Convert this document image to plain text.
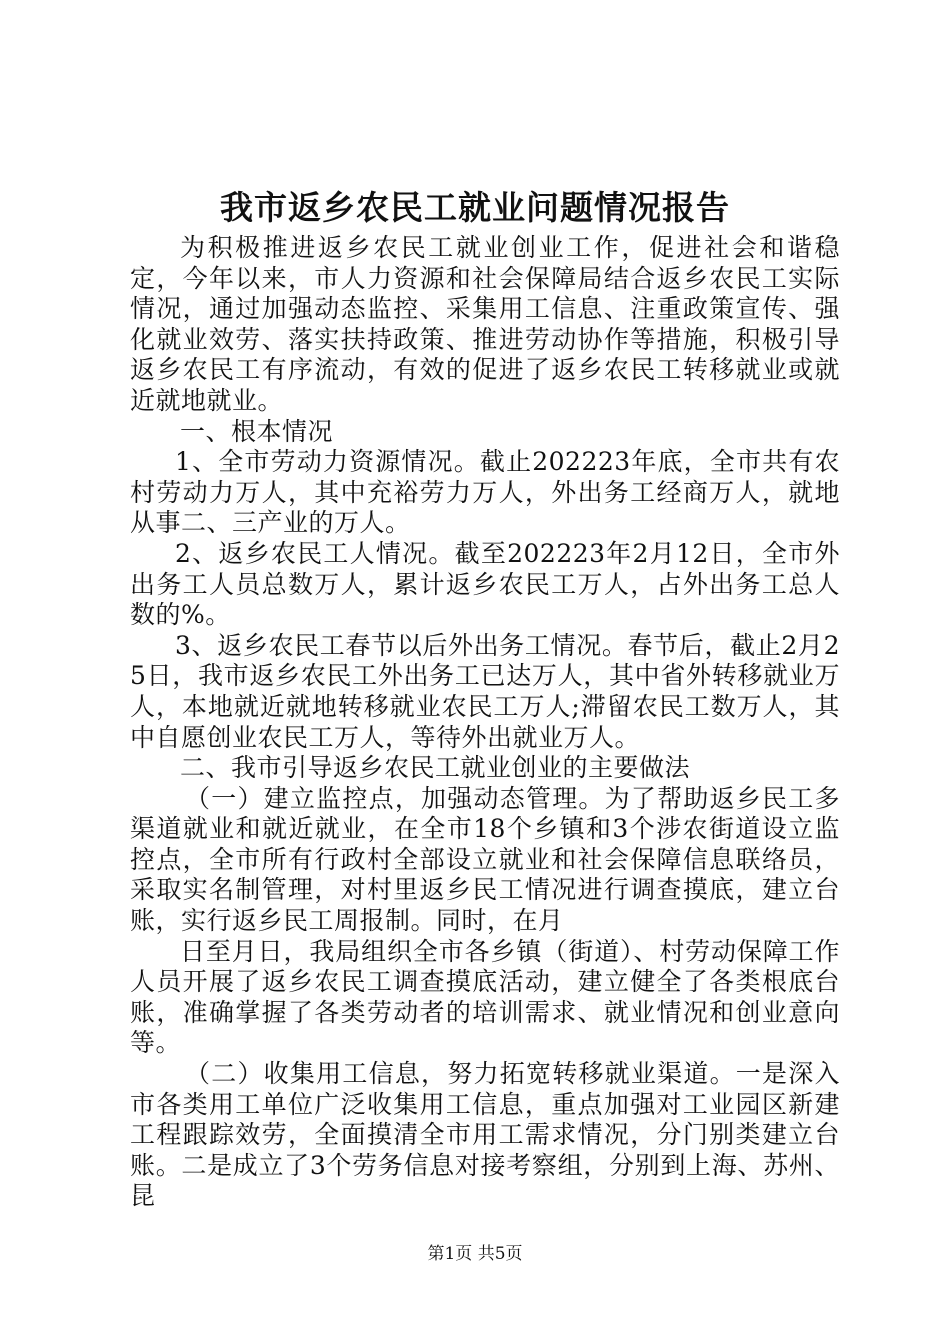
我市返乡农民工就业问题情况报告

为积极推进返乡农民工就业创业工作，促进社会和谐稳定，今年以来，市人力资源和社会保障局结合返乡农民工实际情况，通过加强动态监控、采集用工信息、注重政策宣传、强化就业效劳、落实扶持政策、推进劳动协作等措施，积极引导返乡农民工有序流动，有效的促进了返乡农民工转移就业或就近就地就业。

一、根本情况

1、全市劳动力资源情况。截止202223年底，全市共有农村劳动力万人，其中充裕劳力万人，外出务工经商万人，就地从事二、三产业的万人。

2、返乡农民工人情况。截至202223年2月12日，全市外出务工人员总数万人，累计返乡农民工万人，占外出务工总人数的%。

3、返乡农民工春节以后外出务工情况。春节后，截止2月25日，我市返乡农民工外出务工已达万人，其中省外转移就业万人，本地就近就地转移就业农民工万人;滞留农民工数万人，其中自愿创业农民工万人，等待外出就业万人。

二、我市引导返乡农民工就业创业的主要做法

（一）建立监控点，加强动态管理。为了帮助返乡民工多渠道就业和就近就业，在全市18个乡镇和3个涉农街道设立监控点，全市所有行政村全部设立就业和社会保障信息联络员，采取实名制管理，对村里返乡民工情况进行调查摸底，建立台账，实行返乡民工周报制。同时，在月

日至月日，我局组织全市各乡镇（街道）、村劳动保障工作人员开展了返乡农民工调查摸底活动，建立健全了各类根底台账，准确掌握了各类劳动者的培训需求、就业情况和创业意向等。

（二）收集用工信息，努力拓宽转移就业渠道。一是深入市各类用工单位广泛收集用工信息，重点加强对工业园区新建工程跟踪效劳，全面摸清全市用工需求情况，分门别类建立台账。二是成立了3个劳务信息对接考察组，分别到上海、苏州、昆

第1页 共5页
